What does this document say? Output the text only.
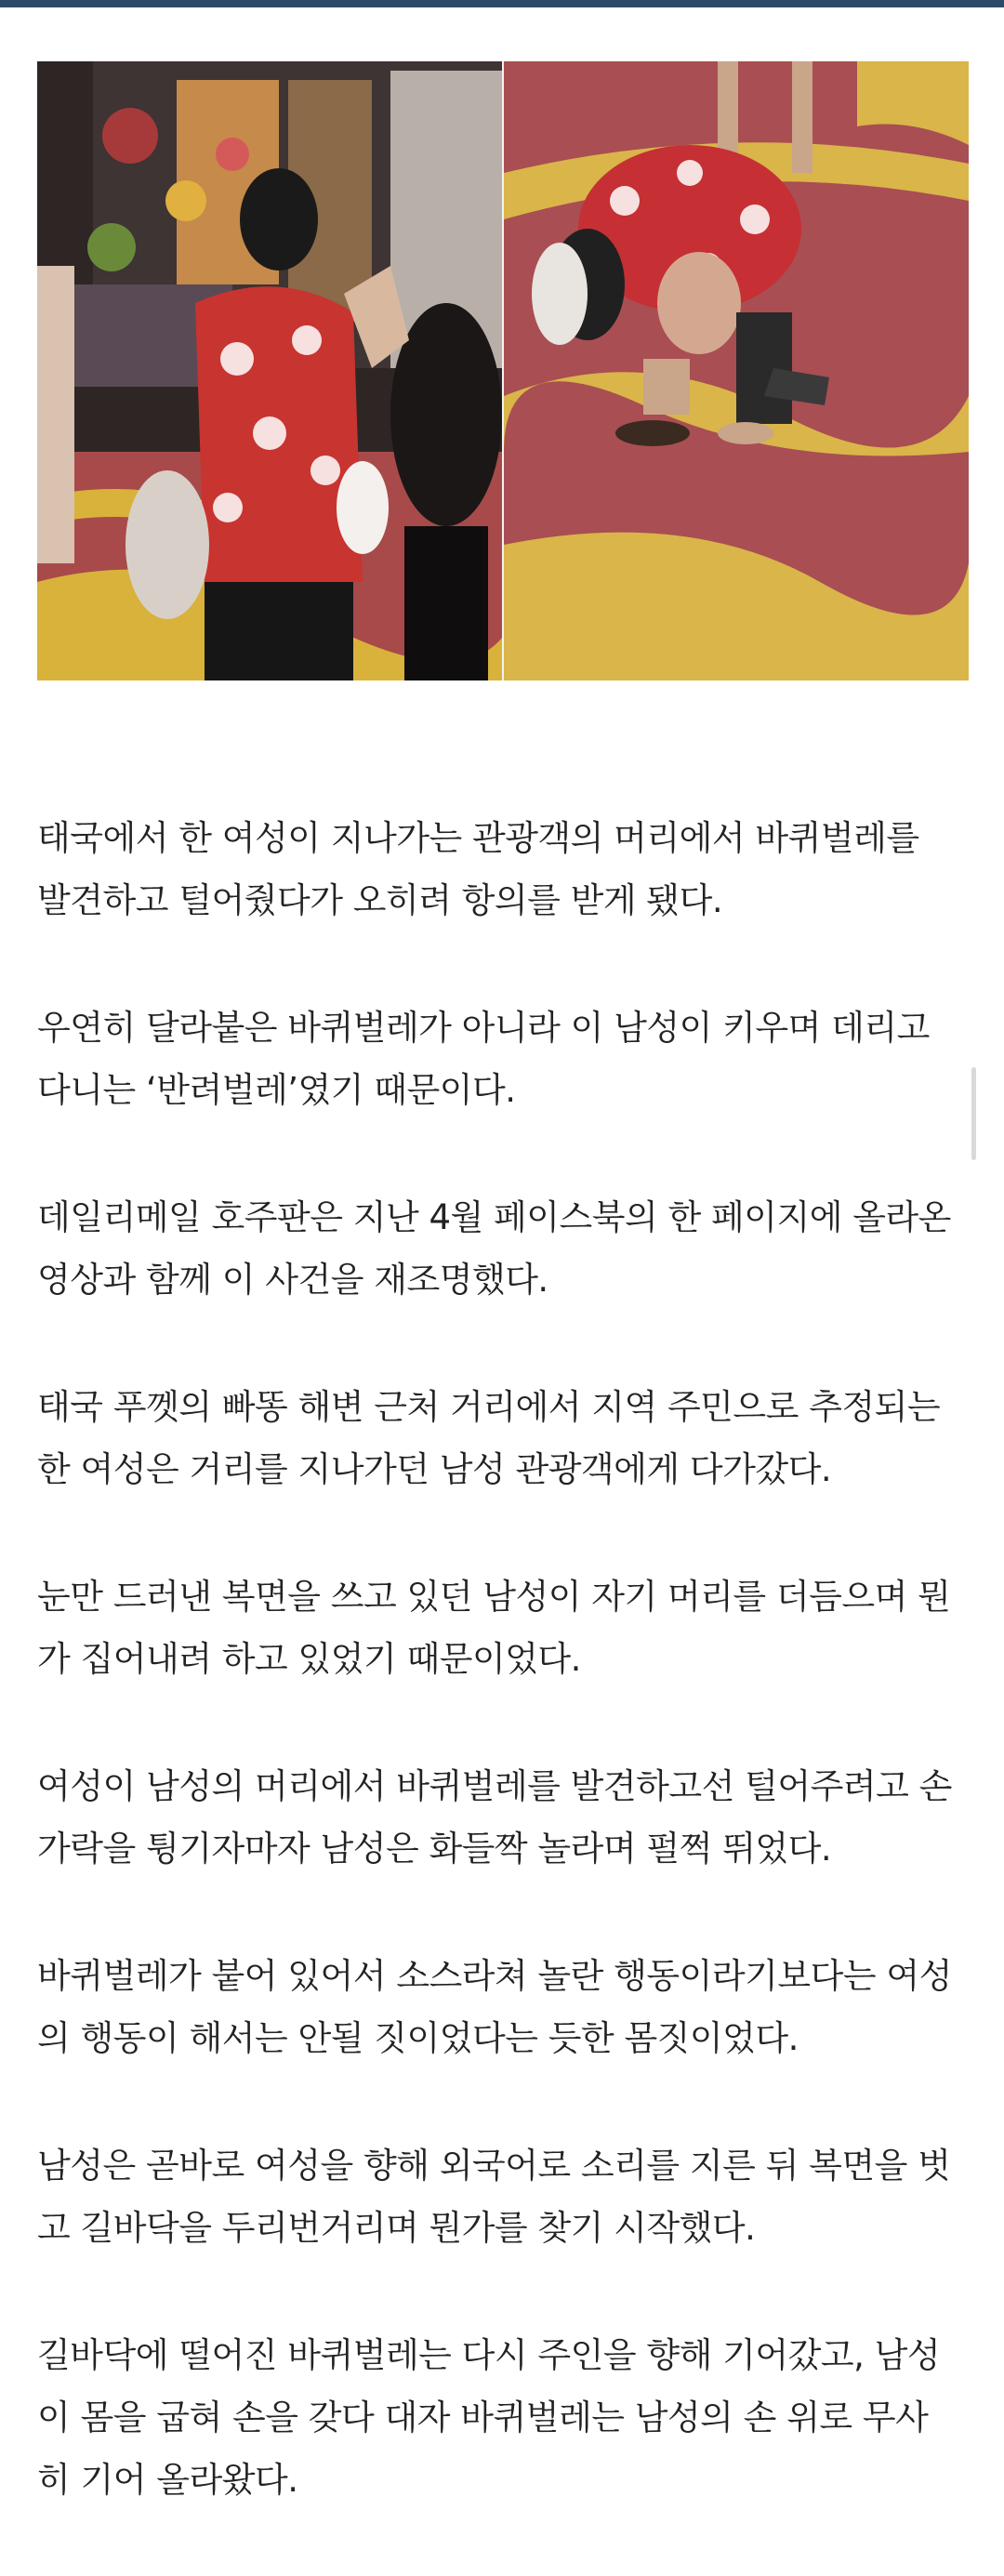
태국에서 한 여성이 지나가는 관광객의 머리에서 바퀴벌레를
발견하고 털어줬다가 오히려 항의를 받게 됐다.

우연히 달라붙은 바퀴벌레가 아니라 이 남성이 키우며 데리고
다니는 ‘반려벌레’였기 때문이다.

데일리메일 호주판은 지난 4월 페이스북의 한 페이지에 올라온
영상과 함께 이 사건을 재조명했다.

태국 푸껫의 빠똥 해변 근처 거리에서 지역 주민으로 추정되는
한 여성은 거리를 지나가던 남성 관광객에게 다가갔다.

눈만 드러낸 복면을 쓰고 있던 남성이 자기 머리를 더듬으며 뭔
가 집어내려 하고 있었기 때문이었다.

여성이 남성의 머리에서 바퀴벌레를 발견하고선 털어주려고 손
가락을 튕기자마자 남성은 화들짝 놀라며 펄쩍 뛰었다.

바퀴벌레가 붙어 있어서 소스라쳐 놀란 행동이라기보다는 여성
의 행동이 해서는 안될 짓이었다는 듯한 몸짓이었다.

남성은 곧바로 여성을 향해 외국어로 소리를 지른 뒤 복면을 벗
고 길바닥을 두리번거리며 뭔가를 찾기 시작했다.

길바닥에 떨어진 바퀴벌레는 다시 주인을 향해 기어갔고, 남성
이 몸을 굽혀 손을 갖다 대자 바퀴벌레는 남성의 손 위로 무사
히 기어 올라왔다.
